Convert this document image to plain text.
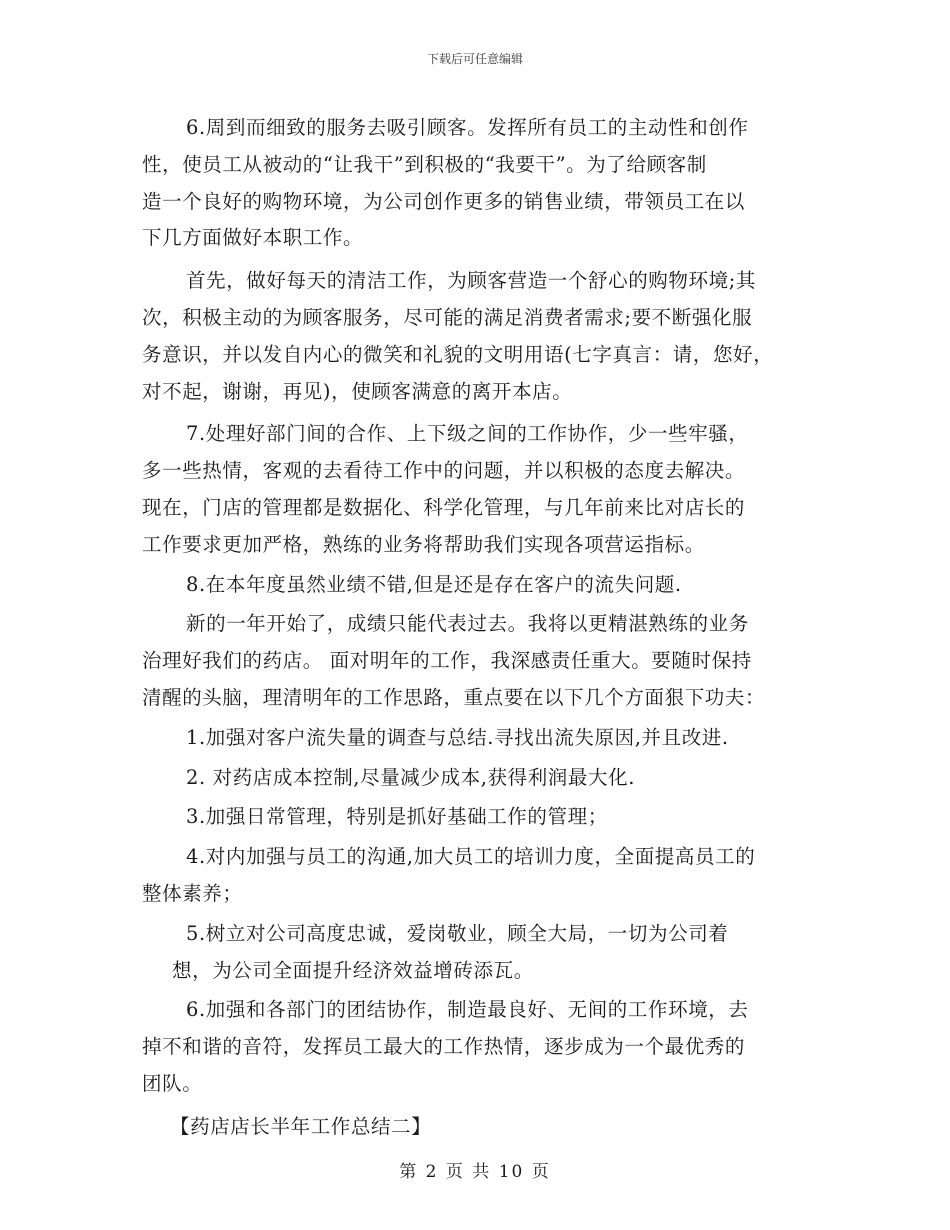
下载后可任意编辑
6.周到而细致的服务去吸引顾客。发挥所有员工的主动性和创作
性，使员工从被动的“让我干”到积极的“我要干”。为了给顾客制
造一个良好的购物环境，为公司创作更多的销售业绩，带领员工在以
下几方面做好本职工作。
首先，做好每天的清洁工作，为顾客营造一个舒心的购物环境;其
次，积极主动的为顾客服务，尽可能的满足消费者需求;要不断强化服
务意识，并以发自内心的微笑和礼貌的文明用语(七字真言：请，您好，
对不起，谢谢，再见)，使顾客满意的离开本店。
7.处理好部门间的合作、上下级之间的工作协作，少一些牢骚，
多一些热情，客观的去看待工作中的问题，并以积极的态度去解决。
现在，门店的管理都是数据化、科学化管理，与几年前来比对店长的
工作要求更加严格，熟练的业务将帮助我们实现各项营运指标。
8.在本年度虽然业绩不错,但是还是存在客户的流失问题.
新的一年开始了，成绩只能代表过去。我将以更精湛熟练的业务
治理好我们的药店。 面对明年的工作，我深感责任重大。要随时保持
清醒的头脑，理清明年的工作思路，重点要在以下几个方面狠下功夫：
1.加强对客户流失量的调查与总结.寻找出流失原因,并且改进.
2. 对药店成本控制,尽量减少成本,获得利润最大化.
3.加强日常管理，特别是抓好基础工作的管理；
4.对内加强与员工的沟通,加大员工的培训力度，全面提高员工的
整体素养；
5.树立对公司高度忠诚，爱岗敬业，顾全大局，一切为公司着
想，为公司全面提升经济效益增砖添瓦。
6.加强和各部门的团结协作，制造最良好、无间的工作环境，去
掉不和谐的音符，发挥员工最大的工作热情，逐步成为一个最优秀的
团队。
【药店店长半年工作总结二】
第 2 页 共 10 页
